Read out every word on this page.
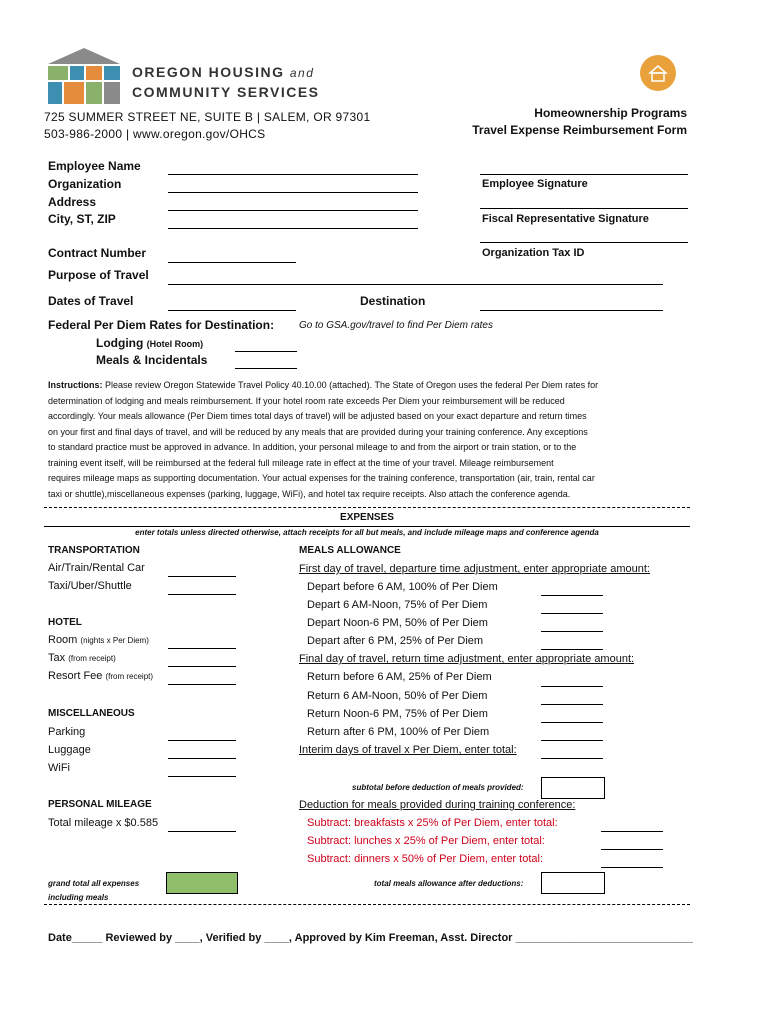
OREGON HOUSING and
COMMUNITY SERVICES
725 SUMMER STREET NE, SUITE B | SALEM, OR 97301
503-986-2000 | www.oregon.gov/OHCS
Homeownership Programs
Travel Expense Reimbursement Form
Employee Name
Organization
Address
City, ST, ZIP
Employee Signature
Fiscal Representative Signature
Organization Tax ID
Contract Number
Purpose of Travel
Dates of Travel	Destination
Federal Per Diem Rates for Destination: Go to GSA.gov/travel to find Per Diem rates
Lodging (Hotel Room)
Meals & Incidentals
Instructions: Please review Oregon Statewide Travel Policy 40.10.00 (attached). The State of Oregon uses the federal Per Diem rates for
determination of lodging and meals reimbursement. If your hotel room rate exceeds Per Diem your reimbursement will be reduced
accordingly. Your meals allowance (Per Diem times total days of travel) will be adjusted based on your exact departure and return times
on your first and final days of travel, and will be reduced by any meals that are provided during your training conference. Any exceptions
to standard practice must be approved in advance. In addition, your personal mileage to and from the airport or train station, or to the
training event itself, will be reimbursed at the federal full mileage rate in effect at the time of your travel. Mileage reimbursement
requires mileage maps as supporting documentation. Your actual expenses for the training conference, transportation (air, train, rental car
taxi or shuttle),miscellaneous expenses (parking, luggage, WiFi), and hotel tax require receipts. Also attach the conference agenda.
EXPENSES
enter totals unless directed otherwise, attach receipts for all but meals, and include mileage maps and conference agenda
TRANSPORTATION
Air/Train/Rental Car
Taxi/Uber/Shuttle
HOTEL
Room (nights x Per Diem)
Tax (from receipt)
Resort Fee (from receipt)
MISCELLANEOUS
Parking
Luggage
WiFi
PERSONAL MILEAGE
Total mileage x $0.585
grand total all expenses
including meals
MEALS ALLOWANCE
First day of travel, departure time adjustment, enter appropriate amount:
Depart before 6 AM, 100% of Per Diem
Depart 6 AM-Noon, 75% of Per Diem
Depart Noon-6 PM, 50% of Per Diem
Depart after 6 PM, 25% of Per Diem
Final day of travel, return time adjustment, enter appropriate amount:
Return before 6 AM, 25% of Per Diem
Return 6 AM-Noon, 50% of Per Diem
Return Noon-6 PM, 75% of Per Diem
Return after 6 PM, 100% of Per Diem
Interim days of travel x Per Diem, enter total:
subtotal before deduction of meals provided:
Deduction for meals provided during training conference:
Subtract: breakfasts x 25% of Per Diem, enter total:
Subtract: lunches x 25% of Per Diem, enter total:
Subtract: dinners x 50% of Per Diem, enter total:
total meals allowance after deductions:
Date_____ Reviewed by ____, Verified by ____, Approved by Kim Freeman, Asst. Director _____________________________
